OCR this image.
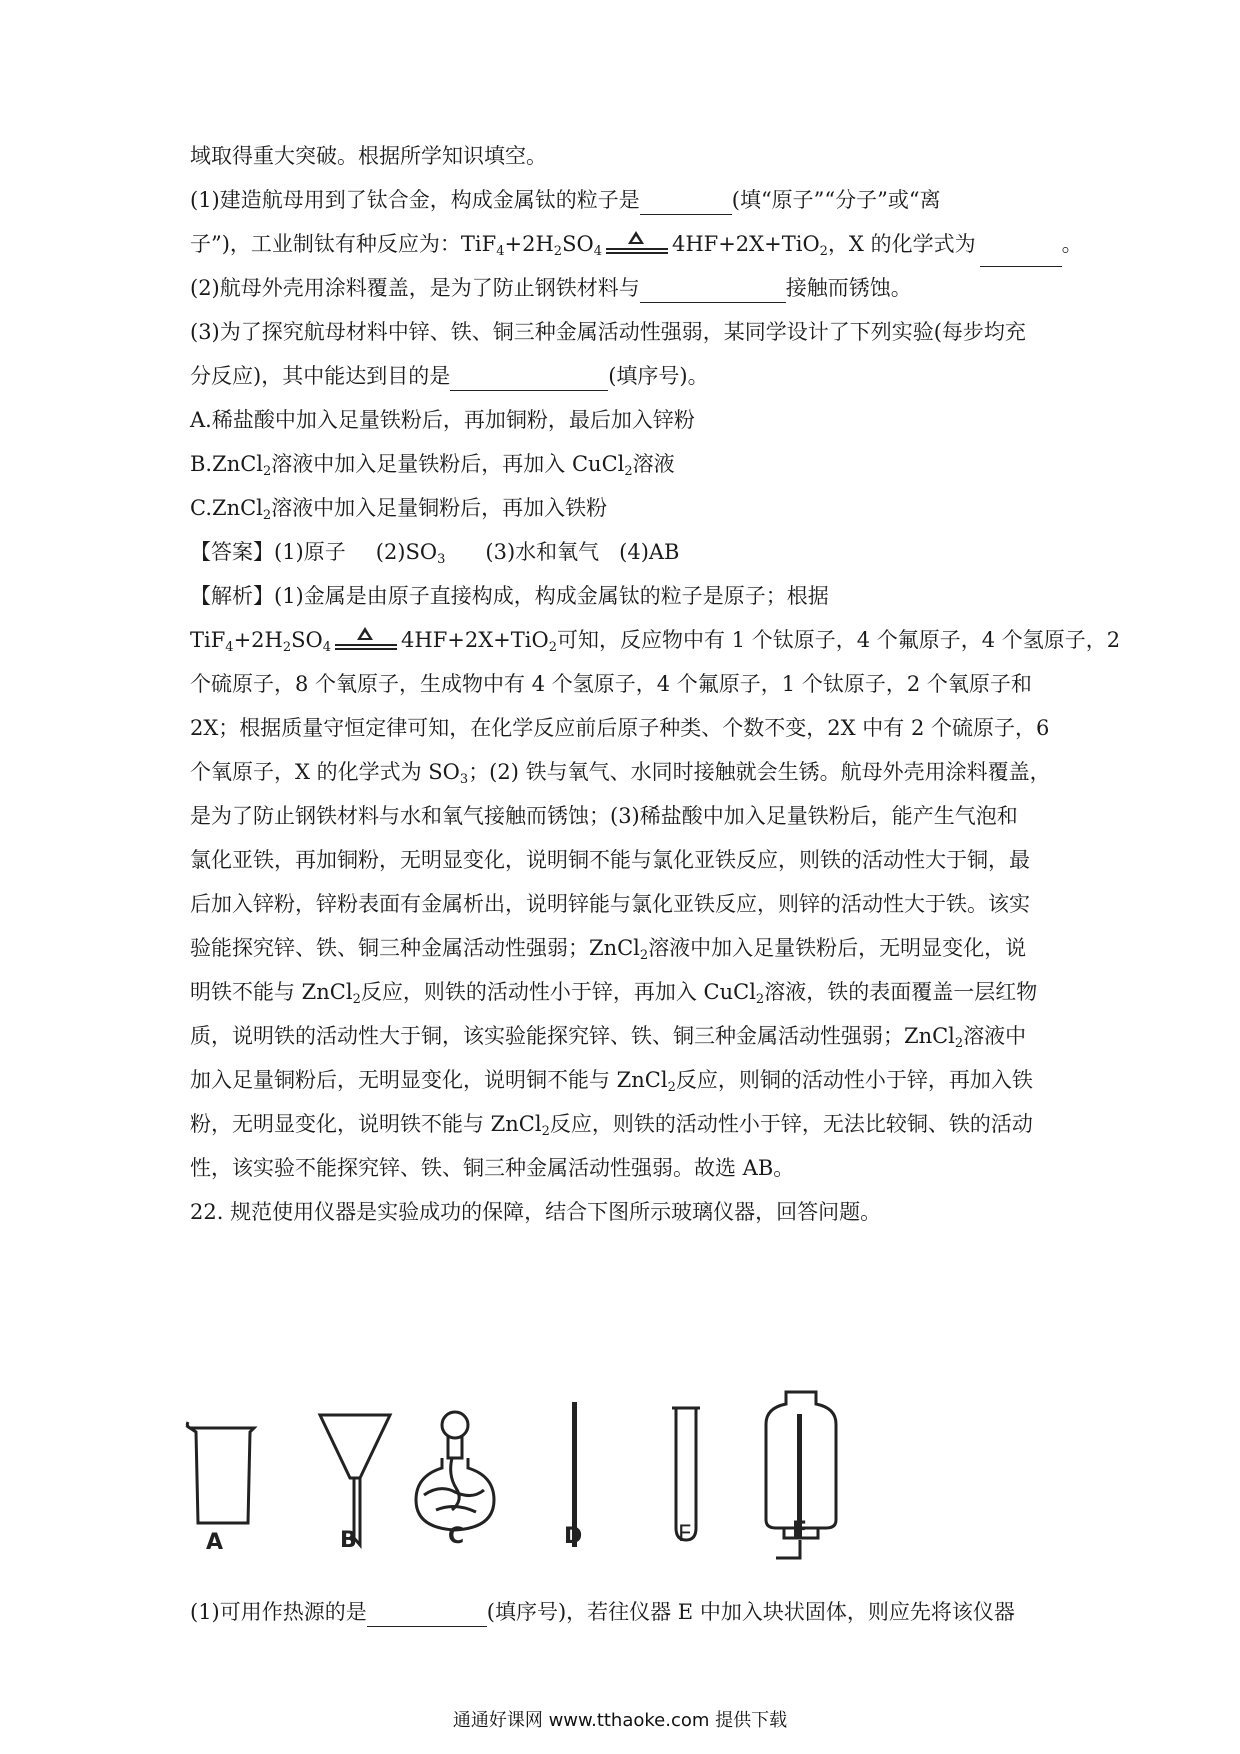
域取得重大突破。根据所学知识填空。
(1)建造航母用到了钛合金，构成金属钛的粒子是	(填“原子”“分子”或“离
子”)，工业制钛有种反应为：$TiF_4+2H_2SO_4$	4HF+2X+TiO$_2$，X 的化学式为	。
(2)航母外壳用涂料覆盖，是为了防止钢铁材料与	接触而锈蚀。
(3)为了探究航母材料中锌、铁、铜三种金属活动性强弱，某同学设计了下列实验(每步均充
分反应)，其中能达到目的是	(填序号)。
A.稀盐酸中加入足量铁粉后，再加铜粉，最后加入锌粉
B.ZnCl$_2$溶液中加入足量铁粉后，再加入 CuCl$_2$溶液
C.ZnCl$_2$溶液中加入足量铜粉后，再加入铁粉
【答案】(1)原子 $(2)SO_3$ (3)水和氧气 (4)AB
【解析】(1)金属是由原子直接构成，构成金属钛的粒子是原子；根据
$TiF_4+2H_2SO_4$	4HF+2X+TiO$_2$可知，反应物中有 1 个钛原子，4 个氟原子，4 个氢原子，2
个硫原子，8 个氧原子，生成物中有 4 个氢原子，4 个氟原子，1 个钛原子，2 个氧原子和
2X；根据质量守恒定律可知，在化学反应前后原子种类、个数不变，2X 中有 2 个硫原子，6
个氧原子，X 的化学式为 $SO_3$；(2) 铁与氧气、水同时接触就会生锈。航母外壳用涂料覆盖，
是为了防止钢铁材料与水和氧气接触而锈蚀；(3)稀盐酸中加入足量铁粉后，能产生气泡和
氯化亚铁，再加铜粉，无明显变化，说明铜不能与氯化亚铁反应，则铁的活动性大于铜，最
后加入锌粉，锌粉表面有金属析出，说明锌能与氯化亚铁反应，则锌的活动性大于铁。该实
验能探究锌、铁、铜三种金属活动性强弱；ZnCl$_2$溶液中加入足量铁粉后，无明显变化，说
明铁不能与 ZnCl$_2$反应，则铁的活动性小于锌，再加入 CuCl$_2$溶液，铁的表面覆盖一层红物
质，说明铁的活动性大于铜，该实验能探究锌、铁、铜三种金属活动性强弱；ZnCl$_2$溶液中
加入足量铜粉后，无明显变化，说明铜不能与 ZnCl$_2$反应，则铜的活动性小于锌，再加入铁
粉，无明显变化，说明铁不能与 ZnCl$_2$反应，则铁的活动性小于锌，无法比较铜、铁的活动
性，该实验不能探究锌、铁、铜三种金属活动性强弱。故选 AB。
22. 规范使用仪器是实验成功的保障，结合下图所示玻璃仪器，回答问题。
A	B	C	D	E	F
(1)可用作热源的是	(填序号)，若往仪器 E 中加入块状固体，则应先将该仪器
通通好课网 www.tthaoke.com 提供下载
